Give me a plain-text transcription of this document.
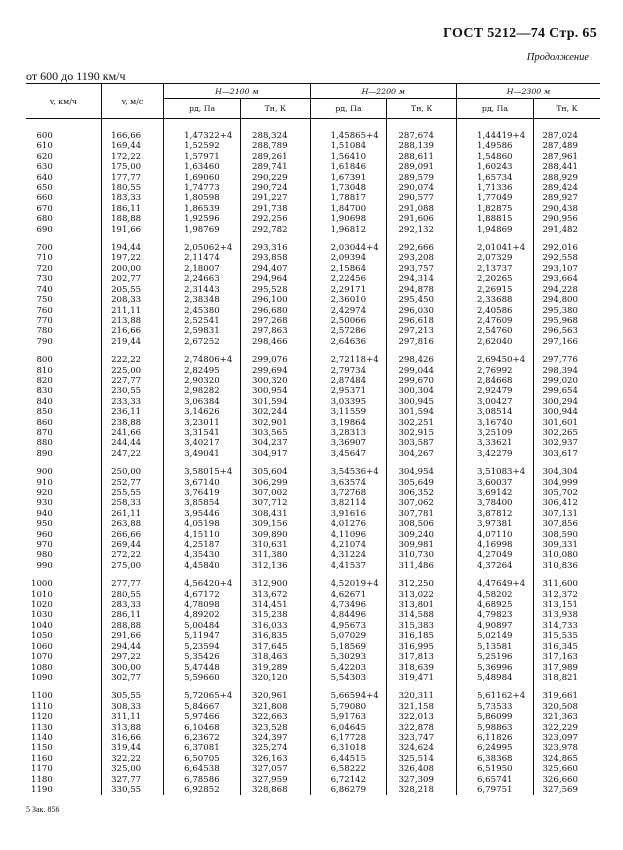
ГОСТ 5212—74 Стр. 65
Продолжение
от 600 до 1190 км/ч
v, км/ч	v, м/с	H—2100 м		H—2200 м		H—2300 м	
		pд, Па	Tн, К	pд, Па	Tн, К	pд, Па	Tн, К

600	166,66	1,47322+4	288,324	1,45865+4	287,674	1,44419+4	287,024
610	169,44	1,52592	288,789	1,51084	288,139	1,49586	287,489
620	172,22	1,57971	289,261	1,56410	288,611	1,54860	287,961
630	175,00	1,63460	289,741	1,61846	289,091	1,60243	288,441
640	177,77	1,69060	290,229	1,67391	289,579	1,65734	288,929
650	180,55	1,74773	290,724	1,73048	290,074	1,71336	289,424
660	183,33	1,80598	291,227	1,78817	290,577	1,77049	289,927
670	186,11	1,86539	291,738	1,84700	291,088	1,82875	290,438
680	188,88	1,92596	292,256	1,90698	291,606	1,88815	290,956
690	191,66	1,98769	292,782	1,96812	292,132	1,94869	291,482

700	194,44	2,05062+4	293,316	2,03044+4	292,666	2,01041+4	292,016
710	197,22	2,11474	293,858	2,09394	293,208	2,07329	292,558
720	200,00	2,18007	294,407	2,15864	293,757	2,13737	293,107
730	202,77	2,24663	294,964	2,22456	294,314	2,20265	293,664
740	205,55	2,31443	295,528	2,29171	294,878	2,26915	294,228
750	208,33	2,38348	296,100	2,36010	295,450	2,33688	294,800
760	211,11	2,45380	296,680	2,42974	296,030	2,40586	295,380
770	213,88	2,52541	297,268	2,50066	296,618	2,47609	295,968
780	216,66	2,59831	297,863	2,57286	297,213	2,54760	296,563
790	219,44	2,67252	298,466	2,64636	297,816	2,62040	297,166

800	222,22	2,74806+4	299,076	2,72118+4	298,426	2,69450+4	297,776
810	225,00	2,82495	299,694	2,79734	299,044	2,76992	298,394
820	227,77	2,90320	300,320	2,87484	299,670	2,84668	299,020
830	230,55	2,98282	300,954	2,95371	300,304	2,92479	299,654
840	233,33	3,06384	301,594	3,03395	300,945	3,00427	300,294
850	236,11	3,14626	302,244	3,11559	301,594	3,08514	300,944
860	238,88	3,23011	302,901	3,19864	302,251	3,16740	301,601
870	241,66	3,31541	303,565	3,28313	302,915	3,25109	302,265
880	244,44	3,40217	304,237	3,36907	303,587	3,33621	302,937
890	247,22	3,49041	304,917	3,45647	304,267	3,42279	303,617

900	250,00	3,58015+4	305,604	3,54536+4	304,954	3,51083+4	304,304
910	252,77	3,67140	306,299	3,63574	305,649	3,60037	304,999
920	255,55	3,76419	307,002	3,72768	306,352	3,69142	305,702
930	258,33	3,85854	307,712	3,82114	307,062	3,78400	306,412
940	261,11	3,95446	308,431	3,91616	307,781	3,87812	307,131
950	263,88	4,05198	309,156	4,01276	308,506	3,97381	307,856
960	266,66	4,15110	309,890	4,11096	309,240	4,07110	308,590
970	269,44	4,25187	310,631	4,21074	309,981	4,16998	309,331
980	272,22	4,35430	311,380	4,31224	310,730	4,27049	310,080
990	275,00	4,45840	312,136	4,41537	311,486	4,37264	310,836

1000	277,77	4,56420+4	312,900	4,52019+4	312,250	4,47649+4	311,600
1010	280,55	4,67172	313,672	4,62671	313,022	4,58202	312,372
1020	283,33	4,78098	314,451	4,73496	313,801	4,68925	313,151
1030	286,11	4,89202	315,238	4,84496	314,588	4,79823	313,938
1040	288,88	5,00484	316,033	4,95673	315,383	4,90897	314,733
1050	291,66	5,11947	316,835	5,07029	316,185	5,02149	315,535
1060	294,44	5,23594	317,645	5,18569	316,995	5,13581	316,345
1070	297,22	5,35426	318,463	5,30293	317,813	5,25196	317,163
1080	300,00	5,47448	319,289	5,42203	318,639	5,36996	317,989
1090	302,77	5,59660	320,120	5,54303	319,471	5,48984	318,821

1100	305,55	5,72065+4	320,961	5,66594+4	320,311	5,61162+4	319,661
1110	308,33	5,84667	321,808	5,79080	321,158	5,73533	320,508
1120	311,11	5,97466	322,663	5,91763	322,013	5,86099	321,363
1130	313,88	6,10468	323,528	6,04645	322,878	5,98863	322,229
1140	316,66	6,23672	324,397	6,17728	323,747	6,11826	323,097
1150	319,44	6,37081	325,274	6,31018	324,624	6,24995	323,978
1160	322,22	6,50705	326,163	6,44515	325,514	6,38368	324,865
1170	325,00	6,64538	327,057	6,58222	326,408	6,51950	325,660
1180	327,77	6,78586	327,959	6,72142	327,309	6,65741	326,660
1190	330,55	6,92852	328,868	6,86279	328,218	6,79751	327,569
5 Зак. 856
